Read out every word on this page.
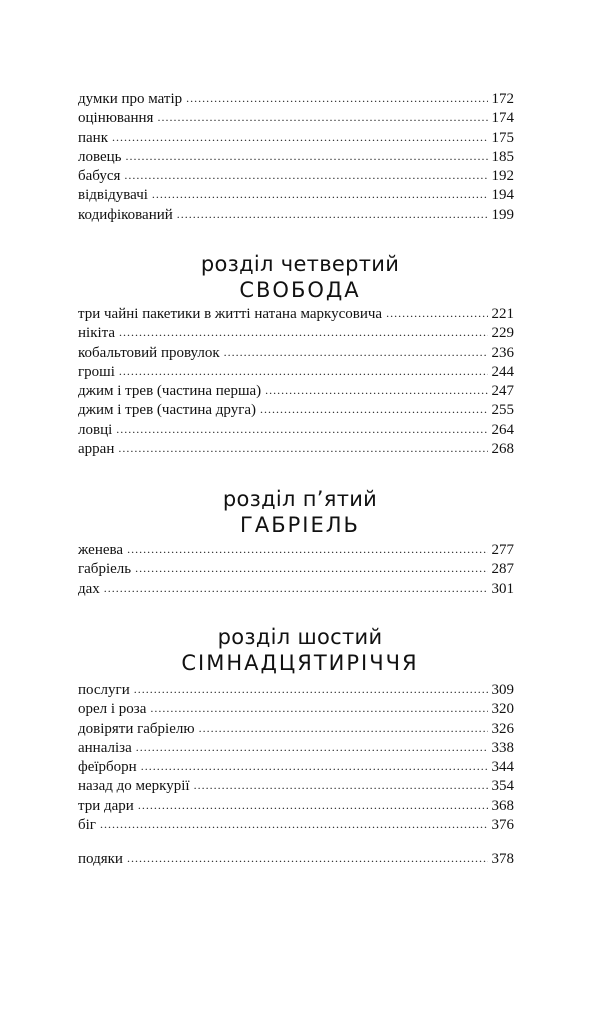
думки про матір .....	172
оцінювання .....	174
панк .....	175
ловець .....	185
бабуся .....	192
відвідувачі .....	194
кодифікований .....	199
розділ четвертий
СВОБОДА
три чайні пакетики в житті натана маркусовича .....	221
нікіта .....	229
кобальтовий провулок .....	236
гроші .....	244
джим і трев (частина перша) .....	247
джим і трев (частина друга) .....	255
ловці .....	264
арран .....	268
розділ п’ятий
ГАБРІЕЛЬ
женева .....	277
габріель .....	287
дах .....	301
розділ шостий
СІМНАДЦЯТИРІЧЧЯ
послуги .....	309
орел і роза .....	320
довіряти габріелю .....	326
анналіза .....	338
феїрборн .....	344
назад до меркурії .....	354
три дари .....	368
біг .....	376
подяки .....	378
